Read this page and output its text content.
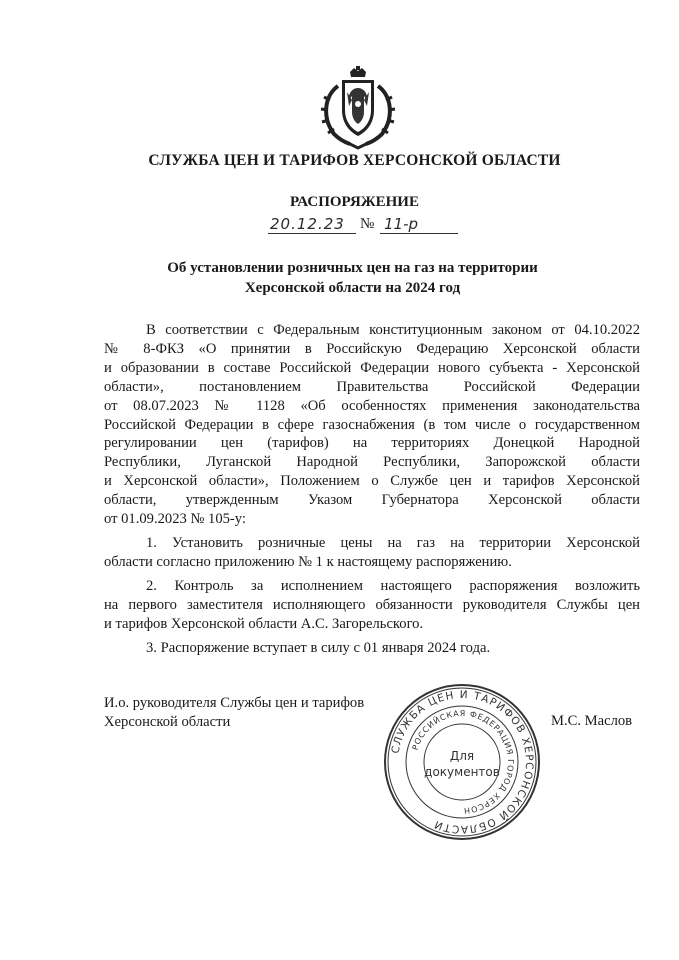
СЛУЖБА ЦЕН И ТАРИФОВ ХЕРСОНСКОЙ ОБЛАСТИ
РАСПОРЯЖЕНИЕ
20.12.23 № 11-р
Об установлении розничных цен на газ на территории
Херсонской области на 2024 год
В соответствии с Федеральным конституционным законом от 04.10.2022
№ 8-ФКЗ «О принятии в Российскую Федерацию Херсонской области
и образовании в составе Российской Федерации нового субъекта - Херсонской
области», постановлением Правительства Российской Федерации
от 08.07.2023 № 1128 «Об особенностях применения законодательства
Российской Федерации в сфере газоснабжения (в том числе о государственном
регулировании цен (тарифов) на территориях Донецкой Народной
Республики, Луганской Народной Республики, Запорожской области
и Херсонской области», Положением о Службе цен и тарифов Херсонской
области, утвержденным Указом Губернатора Херсонской области
от 01.09.2023 № 105-у:
1. Установить розничные цены на газ на территории Херсонской
области согласно приложению № 1 к настоящему распоряжению.
2. Контроль за исполнением настоящего распоряжения возложить
на первого заместителя исполняющего обязанности руководителя Службы цен
и тарифов Херсонской области А.С. Загорельского.
3. Распоряжение вступает в силу с 01 января 2024 года.
И.о. руководителя Службы цен и тарифов
Херсонской области	М.С. Маслов
СЛУЖБА ЦЕН И ТАРИФОВ ХЕРСОНСКОЙ ОБЛАСТИ
РОССИЙСКАЯ ФЕДЕРАЦИЯ ГОРОД ХЕРСОН
Для
документов
